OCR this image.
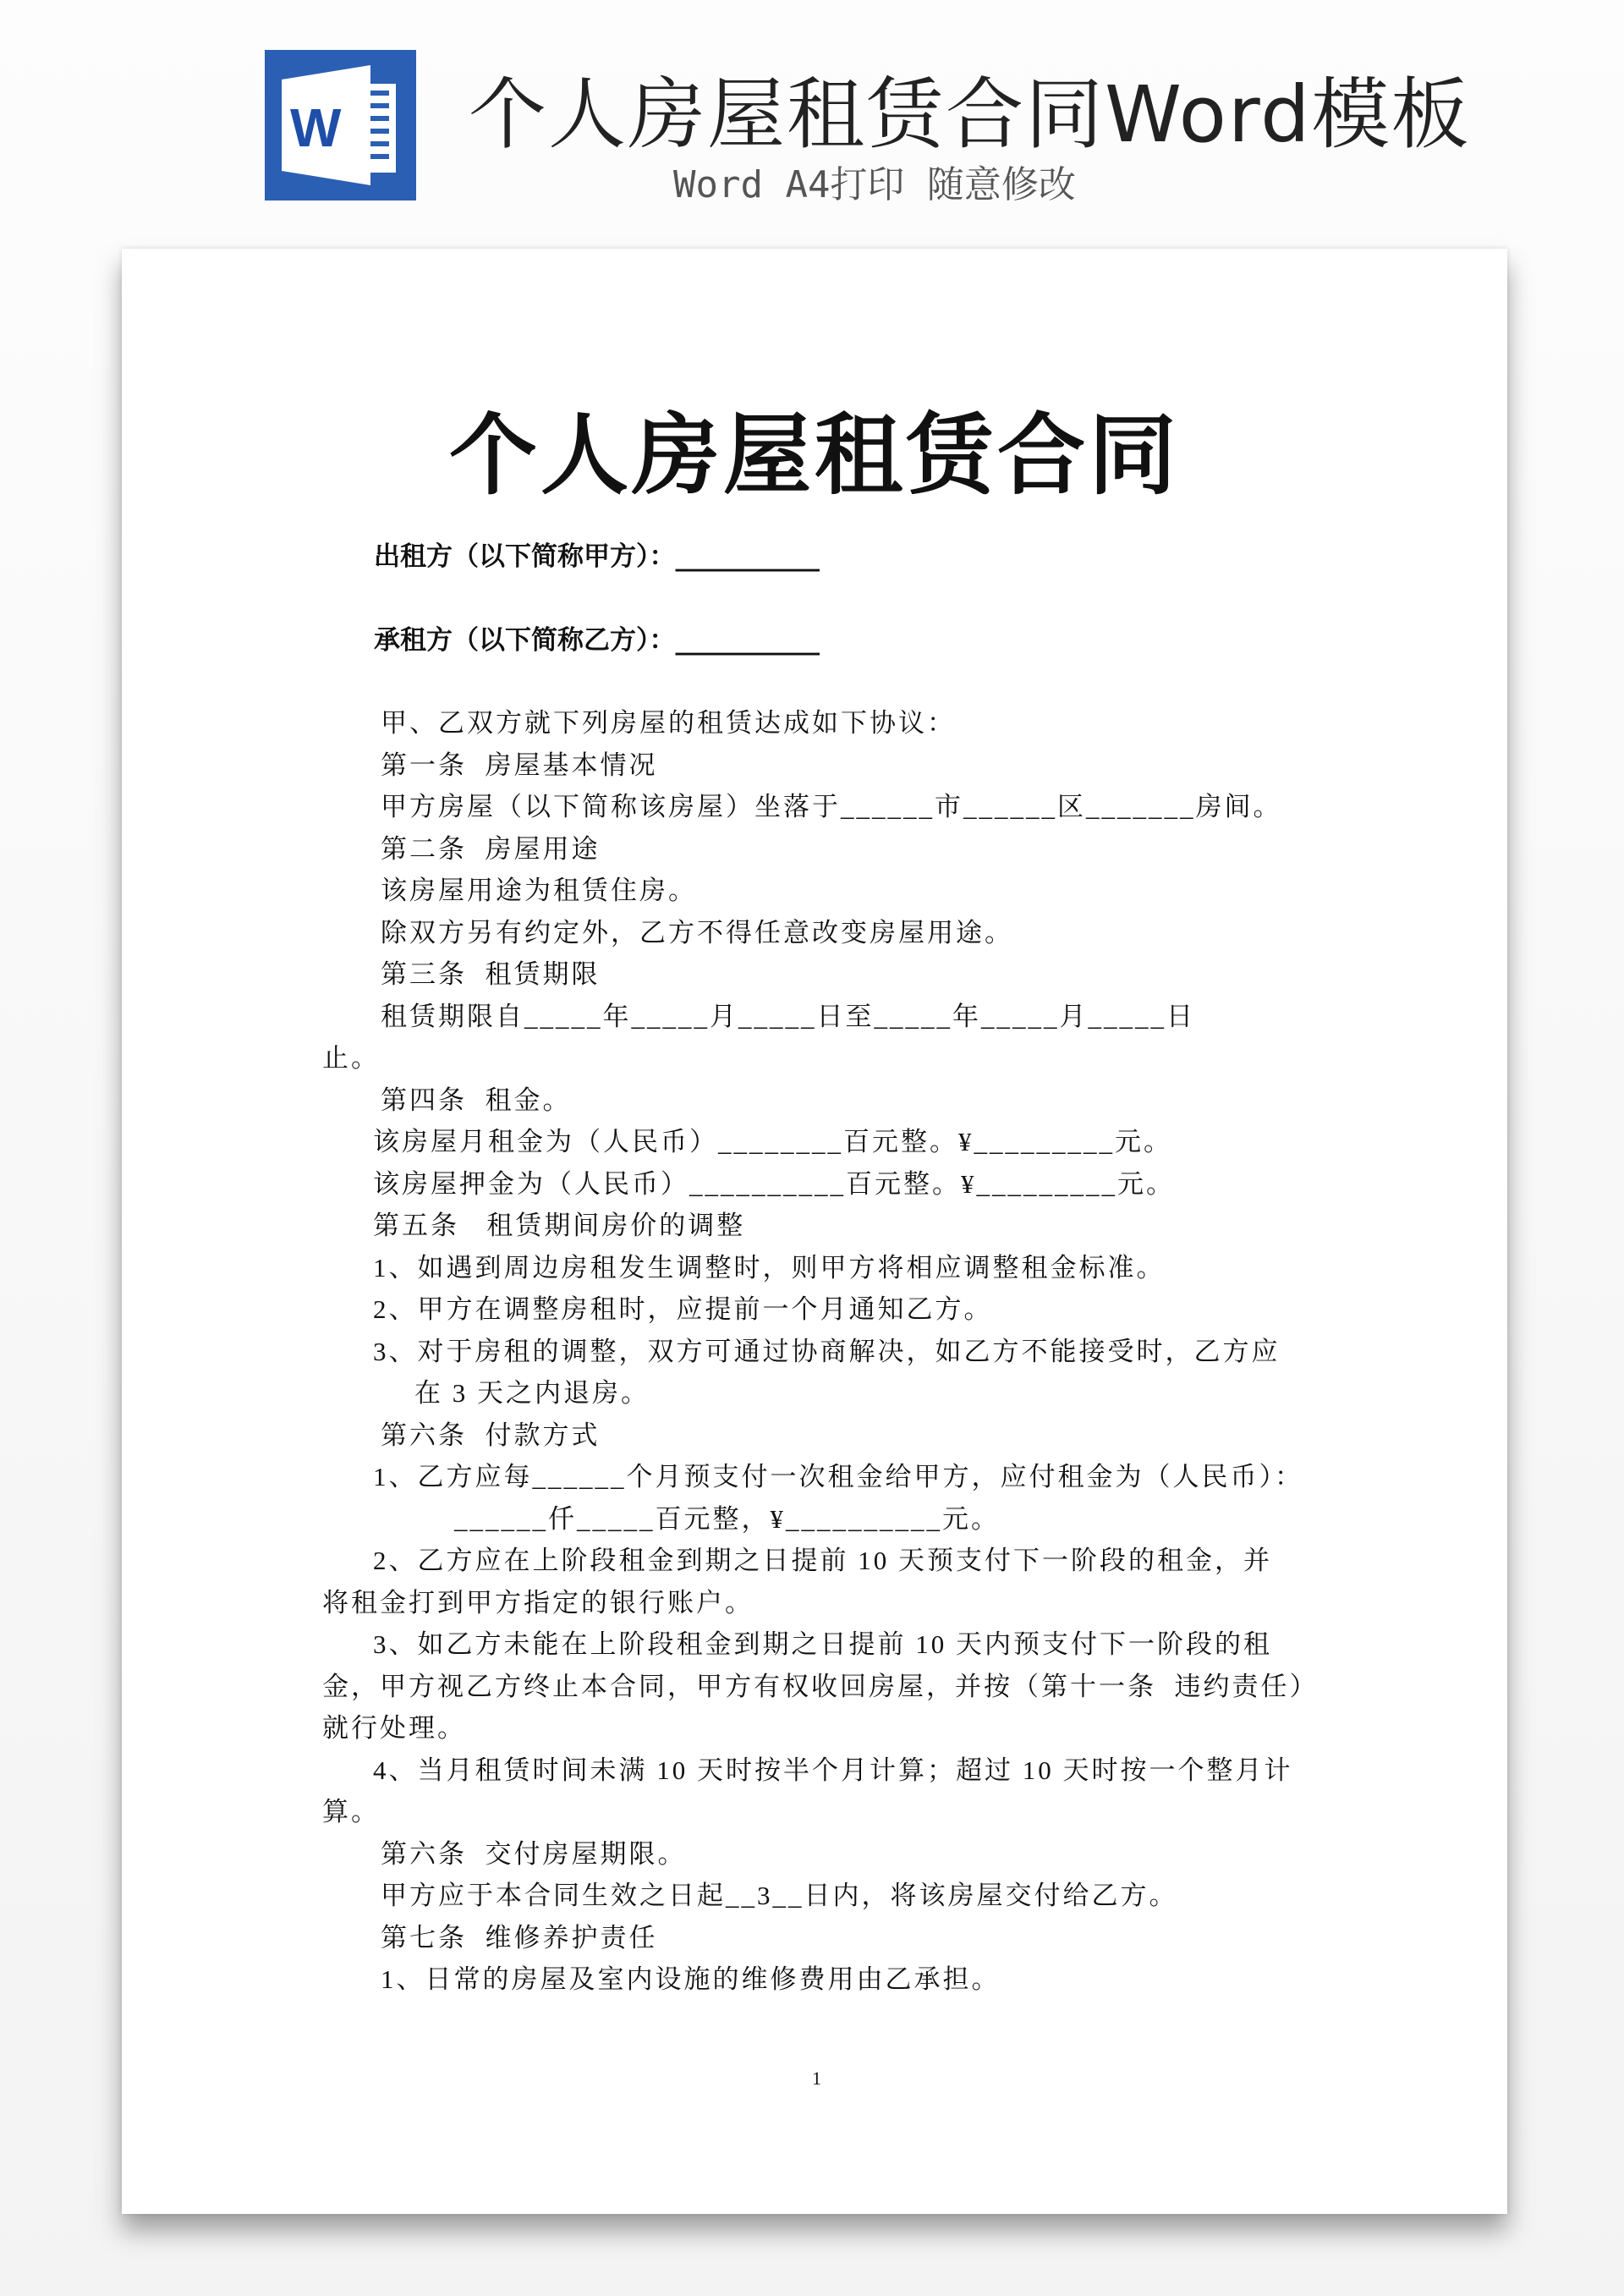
W 个人房屋租赁合同Word模板
Word A4打印 随意修改
个人房屋租赁合同
出租方（以下简称甲方）：___________
承租方（以下简称乙方）：___________
甲、乙双方就下列房屋的租赁达成如下协议：
第一条  房屋基本情况
甲方房屋（以下简称该房屋）坐落于______市______区_______房间。
第二条  房屋用途
该房屋用途为租赁住房。
除双方另有约定外，乙方不得任意改变房屋用途。
第三条  租赁期限
租赁期限自_____年_____月_____日至_____年_____月_____日
止。
第四条  租金。
该房屋月租金为（人民币）________百元整。¥_________元。
该房屋押金为（人民币）__________百元整。¥_________元。
第五条   租赁期间房价的调整
1、如遇到周边房租发生调整时，则甲方将相应调整租金标准。
2、甲方在调整房租时，应提前一个月通知乙方。
3、对于房租的调整，双方可通过协商解决，如乙方不能接受时，乙方应
在 3 天之内退房。
第六条  付款方式
1、乙方应每______个月预支付一次租金给甲方，应付租金为（人民币）：
______仟_____百元整，¥__________元。
2、乙方应在上阶段租金到期之日提前 10 天预支付下一阶段的租金，并
将租金打到甲方指定的银行账户。
3、如乙方未能在上阶段租金到期之日提前 10 天内预支付下一阶段的租
金，甲方视乙方终止本合同，甲方有权收回房屋，并按（第十一条  违约责任）
就行处理。
4、当月租赁时间未满 10 天时按半个月计算；超过 10 天时按一个整月计
算。
第六条  交付房屋期限。
甲方应于本合同生效之日起__3__日内，将该房屋交付给乙方。
第七条  维修养护责任
1、日常的房屋及室内设施的维修费用由乙承担。
1
